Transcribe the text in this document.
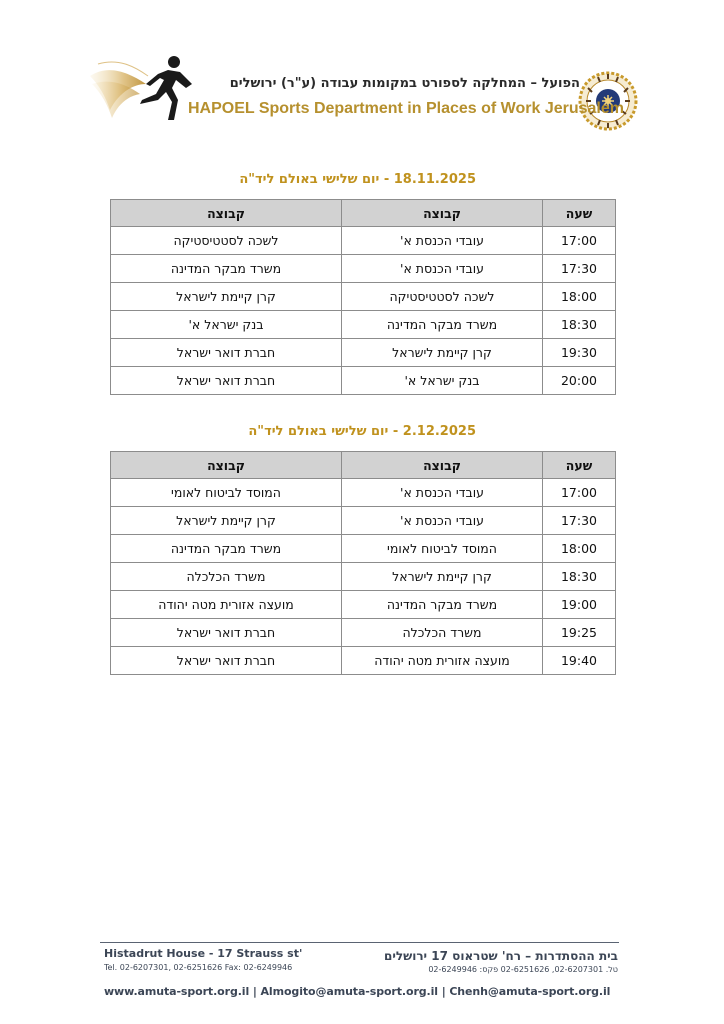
הפועל – המחלקה לספורט במקומות עבודה (ע"ר) ירושלים
HAPOEL Sports Department in Places of Work Jerusalem
18.11.2025 - יום שלישי באולם ליד"ה
שעה	קבוצה	קבוצה
17:00	עובדי הכנסת א'	לשכה לסטטיסטיקה
17:30	עובדי הכנסת א'	משרד מבקר המדינה
18:00	לשכה לסטטיסטיקה	קרן קיימת לישראל
18:30	משרד מבקר המדינה	בנק ישראל א'
19:30	קרן קיימת לישראל	חברת דואר ישראל
20:00	בנק ישראל א'	חברת דואר ישראל
2.12.2025 - יום שלישי באולם ליד"ה
שעה	קבוצה	קבוצה
17:00	עובדי הכנסת א'	המוסד לביטוח לאומי
17:30	עובדי הכנסת א'	קרן קיימת לישראל
18:00	המוסד לביטוח לאומי	משרד מבקר המדינה
18:30	קרן קיימת לישראל	משרד הכלכלה
19:00	משרד מבקר המדינה	מועצה אזורית מטה יהודה
19:25	משרד הכלכלה	חברת דואר ישראל
19:40	מועצה אזורית מטה יהודה	חברת דואר ישראל
בית ההסתדרות – רח' שטראוס 17 ירושלים
טל. 02-6207301, 02-6251626 פקס: 02-6249946
Histadrut House - 17 Strauss st'
Tel. 02-6207301, 02-6251626 Fax: 02-6249946
www.amuta-sport.org.il | Almogito@amuta-sport.org.il | Chenh@amuta-sport.org.il
